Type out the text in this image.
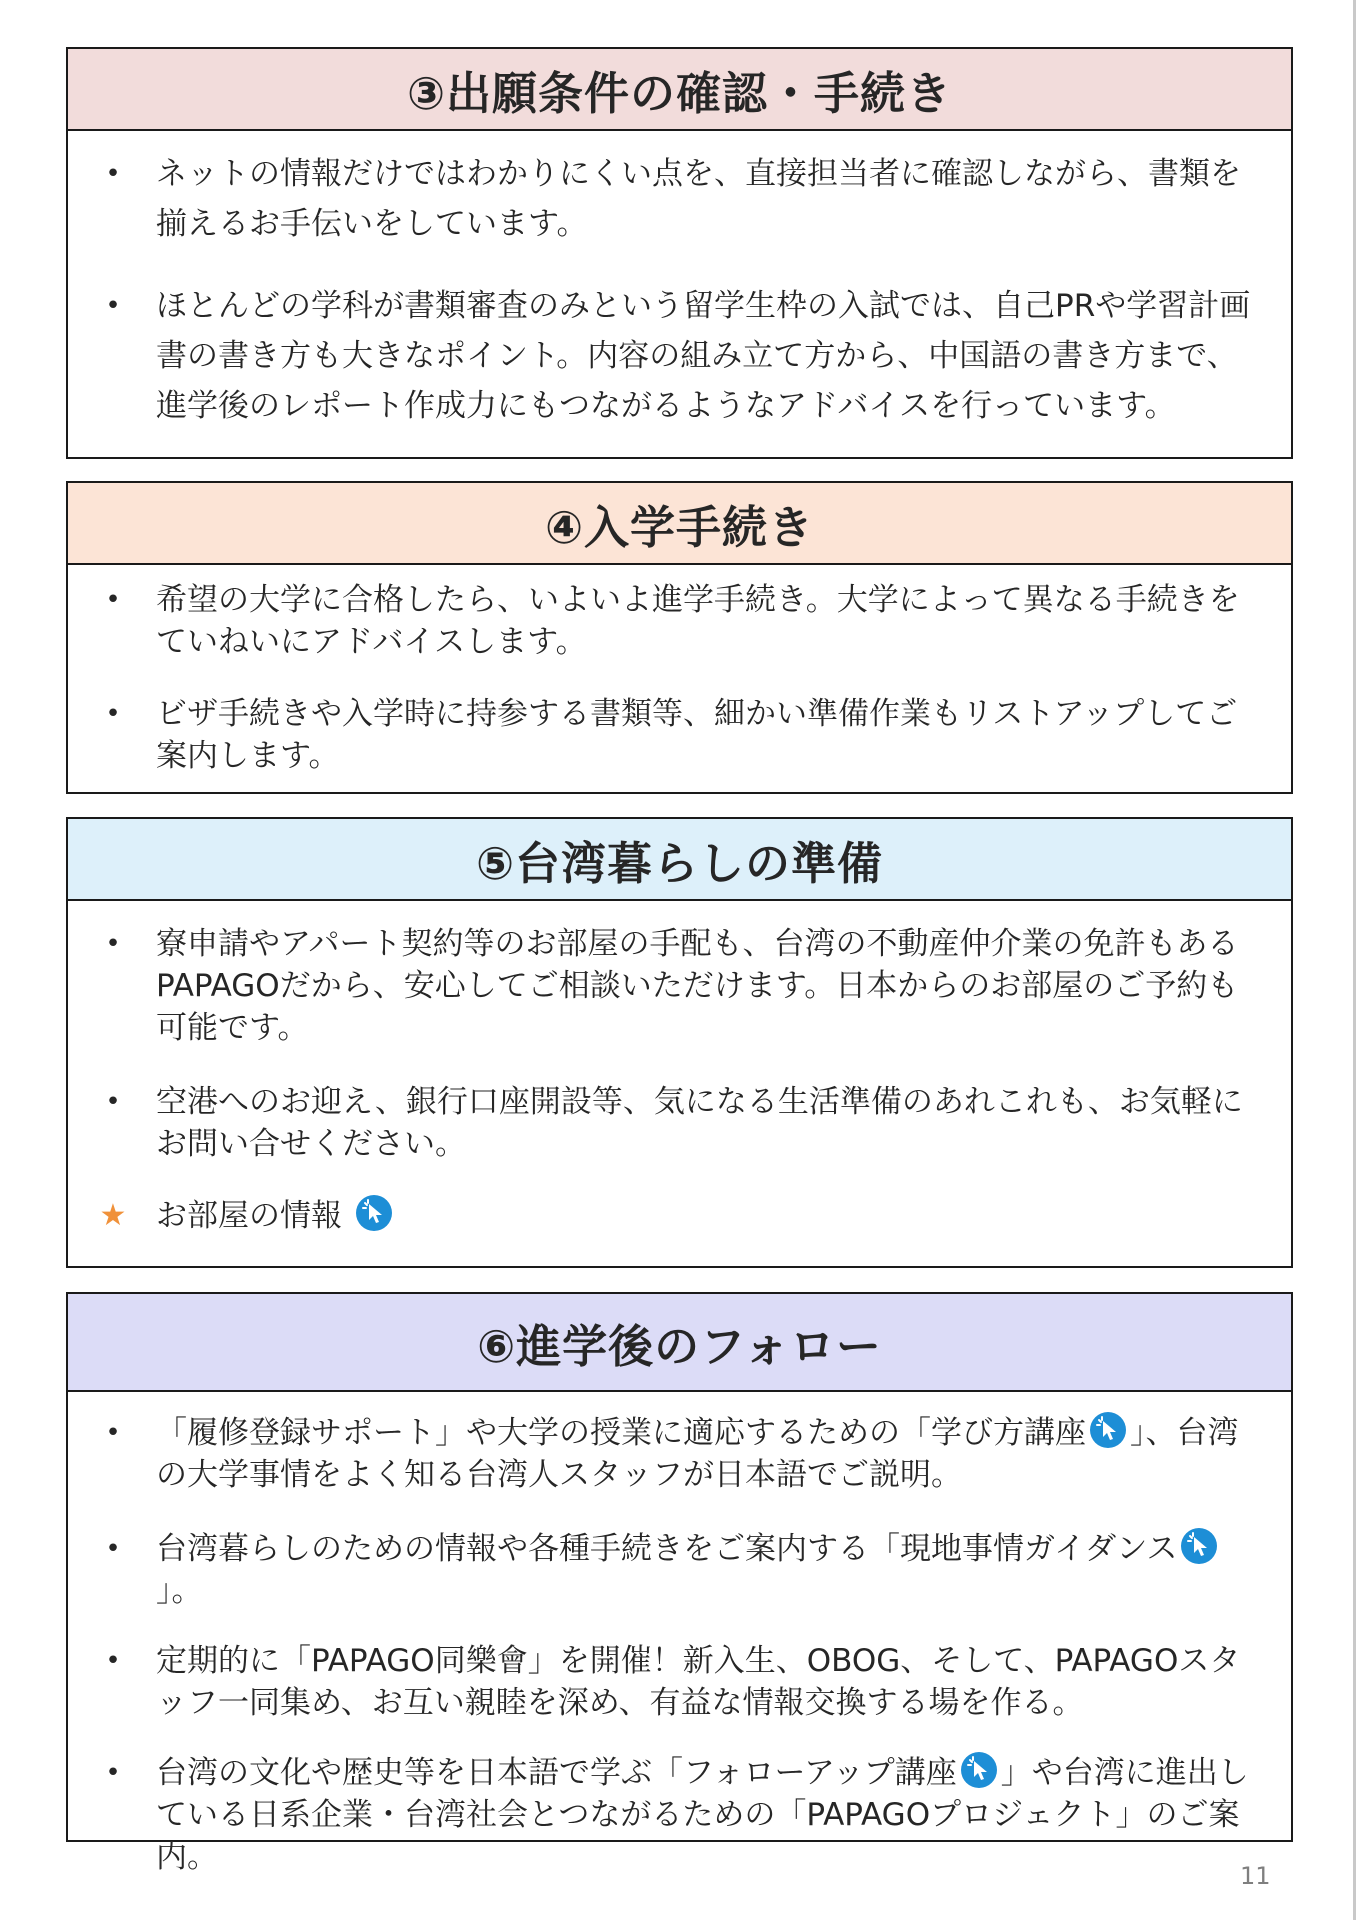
③出願条件の確認・手続き
• ネットの情報だけではわかりにくい点を、直接担当者に確認しながら、書類を揃えるお手伝いをしています。
• ほとんどの学科が書類審査のみという留学生枠の入試では、自己PRや学習計画書の書き方も大きなポイント。内容の組み立て方から、中国語の書き方まで、進学後のレポート作成力にもつながるようなアドバイスを行っています。
④入学手続き
• 希望の大学に合格したら、いよいよ進学手続き。大学によって異なる手続きをていねいにアドバイスします。
• ビザ手続きや入学時に持参する書類等、細かい準備作業もリストアップしてご案内します。
⑤台湾暮らしの準備
• 寮申請やアパート契約等のお部屋の手配も、台湾の不動産仲介業の免許もあるPAPAGOだから、安心してご相談いただけます。日本からのお部屋のご予約も可能です。
• 空港へのお迎え、銀行口座開設等、気になる生活準備のあれこれも、お気軽にお問い合せください。
★ お部屋の情報
⑥進学後のフォロー
• 「履修登録サポート」や大学の授業に適応するための「学び方講座 」、台湾の大学事情をよく知る台湾人スタッフが日本語でご説明。
• 台湾暮らしのための情報や各種手続きをご案内する「現地事情ガイダンス
」。
• 定期的に「PAPAGO同樂會」を開催！新入生、OBOG、そして、PAPAGOスタッフ一同集め、お互い親睦を深め、有益な情報交換する場を作る。
• 台湾の文化や歴史等を日本語で学ぶ「フォローアップ講座 」や台湾に進出している日系企業・台湾社会とつながるための「PAPAGOプロジェクト」のご案内。
11
